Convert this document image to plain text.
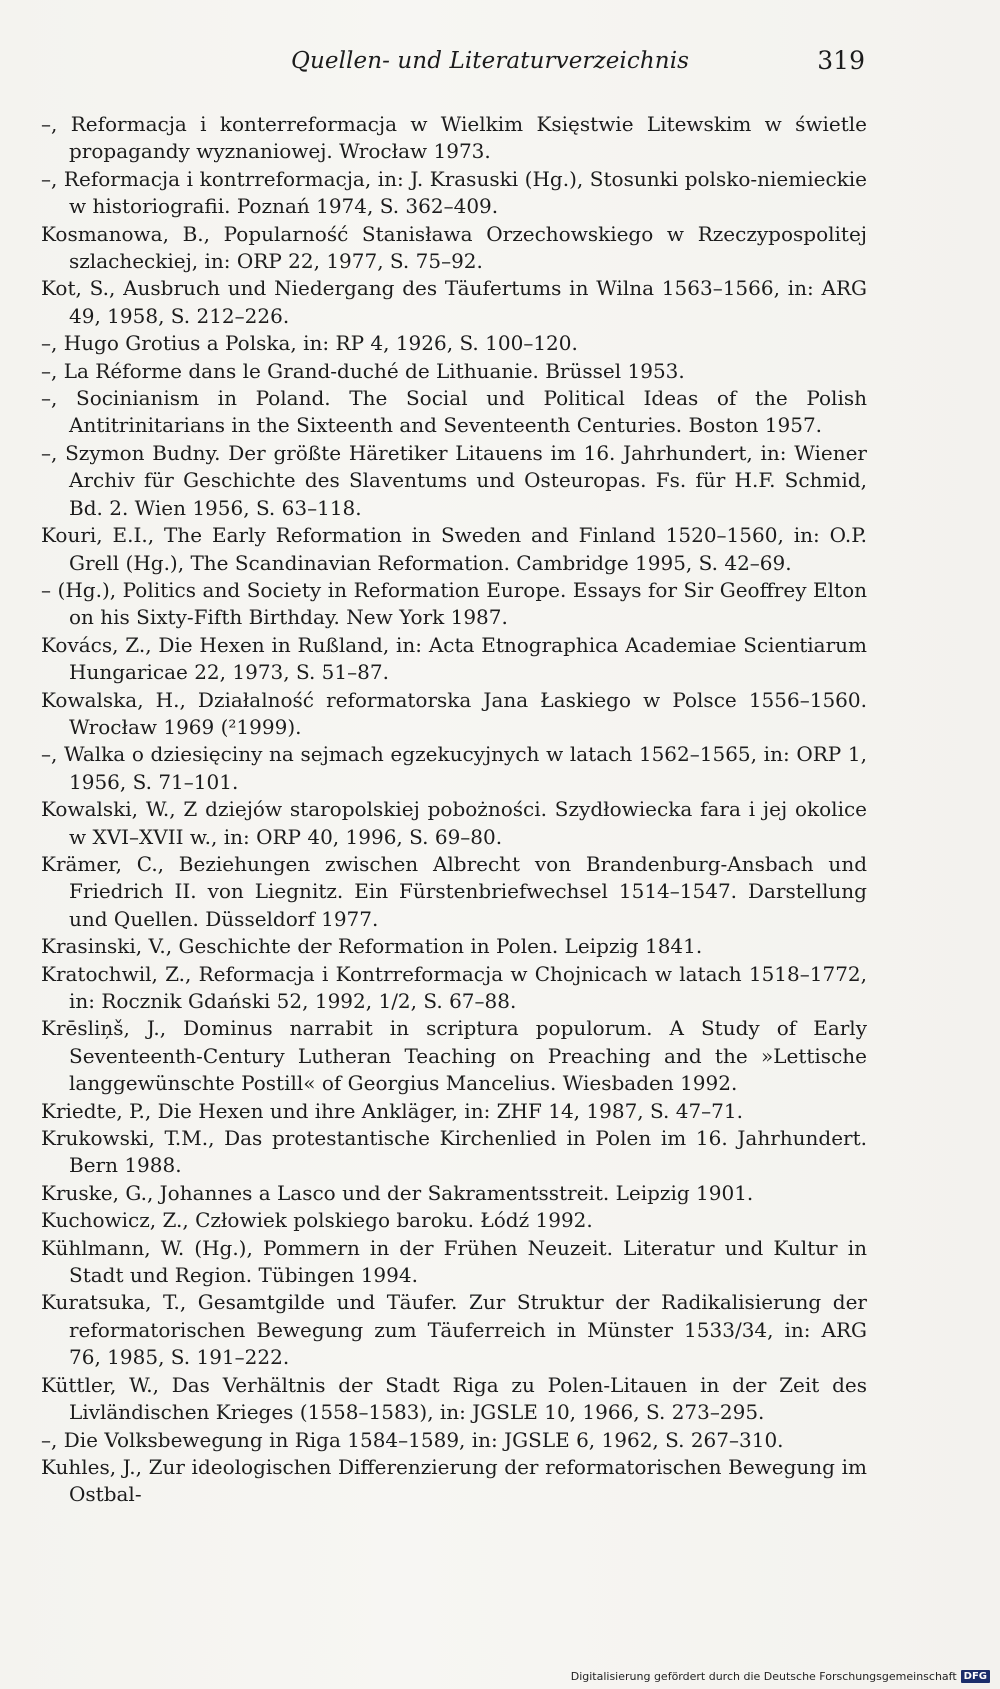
Quellen- und Literaturverzeichnis	319

–, Reformacja i konterreformacja w Wielkim Księstwie Litewskim w świetle propagandy wyznaniowej. Wrocław 1973.

–, Reformacja i kontrreformacja, in: J. Krasuski (Hg.), Stosunki polsko-niemieckie w historiografii. Poznań 1974, S. 362–409.

Kosmanowa, B., Popularność Stanisława Orzechowskiego w Rzeczypospolitej szlacheckiej, in: ORP 22, 1977, S. 75–92.

Kot, S., Ausbruch und Niedergang des Täufertums in Wilna 1563–1566, in: ARG 49, 1958, S. 212–226.

–, Hugo Grotius a Polska, in: RP 4, 1926, S. 100–120.

–, La Réforme dans le Grand-duché de Lithuanie. Brüssel 1953.

–, Socinianism in Poland. The Social und Political Ideas of the Polish Antitrinitarians in the Sixteenth and Seventeenth Centuries. Boston 1957.

–, Szymon Budny. Der größte Häretiker Litauens im 16. Jahrhundert, in: Wiener Archiv für Geschichte des Slaventums und Osteuropas. Fs. für H.F. Schmid, Bd. 2. Wien 1956, S. 63–118.

Kouri, E.I., The Early Reformation in Sweden and Finland 1520–1560, in: O.P. Grell (Hg.), The Scandinavian Reformation. Cambridge 1995, S. 42–69.

– (Hg.), Politics and Society in Reformation Europe. Essays for Sir Geoffrey Elton on his Sixty-Fifth Birthday. New York 1987.

Kovács, Z., Die Hexen in Rußland, in: Acta Etnographica Academiae Scientiarum Hungaricae 22, 1973, S. 51–87.

Kowalska, H., Działalność reformatorska Jana Łaskiego w Polsce 1556–1560. Wrocław 1969 (²1999).

–, Walka o dziesięciny na sejmach egzekucyjnych w latach 1562–1565, in: ORP 1, 1956, S. 71–101.

Kowalski, W., Z dziejów staropolskiej pobożności. Szydłowiecka fara i jej okolice w XVI–XVII w., in: ORP 40, 1996, S. 69–80.

Krämer, C., Beziehungen zwischen Albrecht von Brandenburg-Ansbach und Friedrich II. von Liegnitz. Ein Fürstenbriefwechsel 1514–1547. Darstellung und Quellen. Düsseldorf 1977.

Krasinski, V., Geschichte der Reformation in Polen. Leipzig 1841.

Kratochwil, Z., Reformacja i Kontrreformacja w Chojnicach w latach 1518–1772, in: Rocznik Gdański 52, 1992, 1/2, S. 67–88.

Krēsliņš, J., Dominus narrabit in scriptura populorum. A Study of Early Seventeenth-Century Lutheran Teaching on Preaching and the »Lettische langgewünschte Postill« of Georgius Mancelius. Wiesbaden 1992.

Kriedte, P., Die Hexen und ihre Ankläger, in: ZHF 14, 1987, S. 47–71.

Krukowski, T.M., Das protestantische Kirchenlied in Polen im 16. Jahrhundert. Bern 1988.

Kruske, G., Johannes a Lasco und der Sakramentsstreit. Leipzig 1901.

Kuchowicz, Z., Człowiek polskiego baroku. Łódź 1992.

Kühlmann, W. (Hg.), Pommern in der Frühen Neuzeit. Literatur und Kultur in Stadt und Region. Tübingen 1994.

Kuratsuka, T., Gesamtgilde und Täufer. Zur Struktur der Radikalisierung der reformatorischen Bewegung zum Täuferreich in Münster 1533/34, in: ARG 76, 1985, S. 191–222.

Küttler, W., Das Verhältnis der Stadt Riga zu Polen-Litauen in der Zeit des Livländischen Krieges (1558–1583), in: JGSLE 10, 1966, S. 273–295.

–, Die Volksbewegung in Riga 1584–1589, in: JGSLE 6, 1962, S. 267–310.

Kuhles, J., Zur ideologischen Differenzierung der reformatorischen Bewegung im Ostbal-

Digitalisierung gefördert durch die Deutsche Forschungsgemeinschaft DFG
